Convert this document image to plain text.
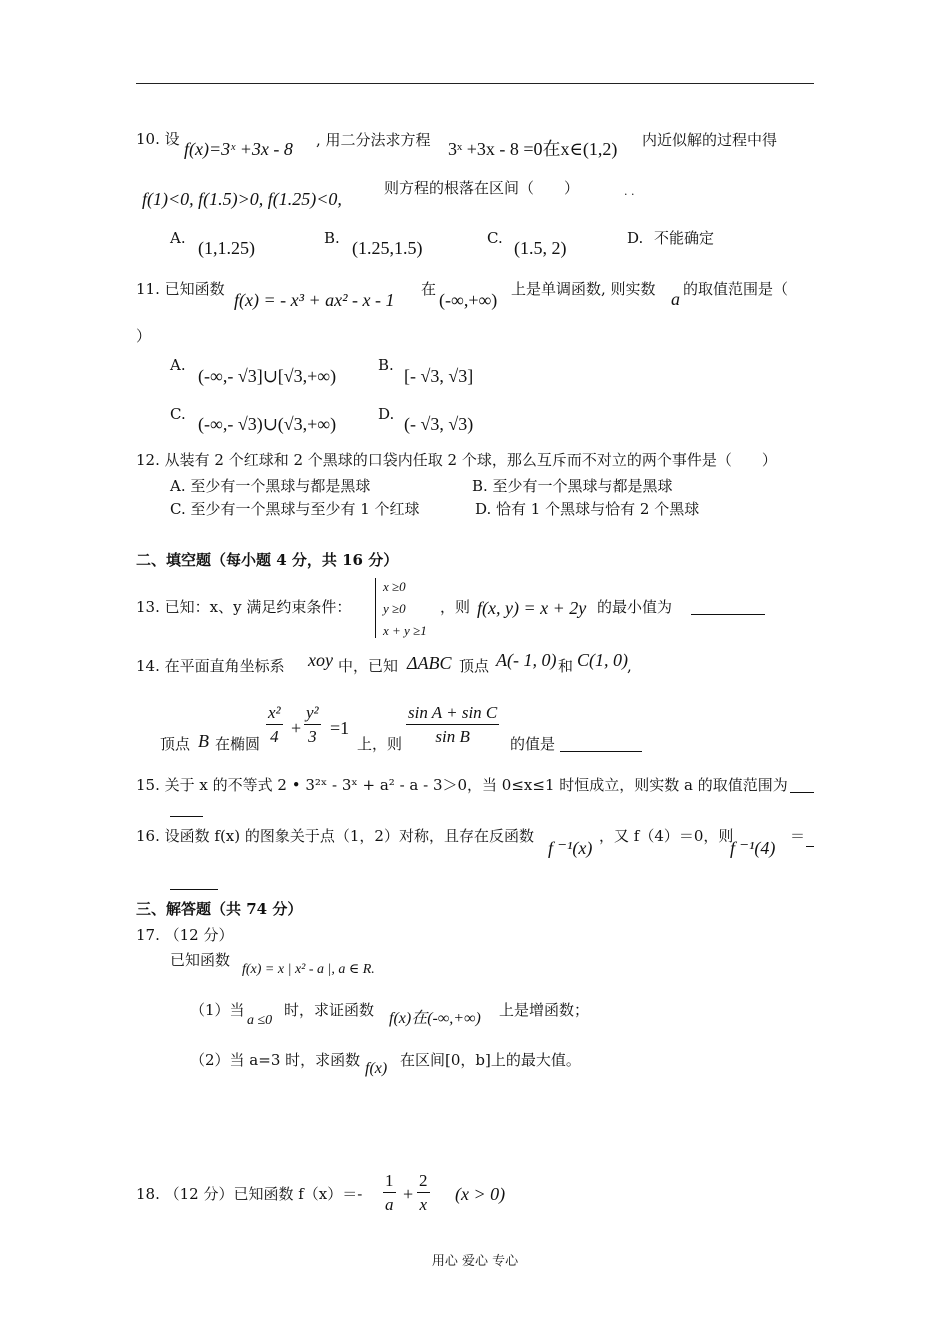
10. 设 f(x)=3ˣ +3x - 8 , 用二分法求方程 3ˣ +3x - 8 =0在x∈(1,2) 内近似解的过程中得
f(1)<0, f(1.5)>0, f(1.25)<0,
则方程的根落在区间（　　）	. .
A. (1,1.25)	B. (1.25,1.5)	C. (1.5, 2)	D. 不能确定
11. 已知函数
f(x) = - x³ + ax² - x - 1
在
(-∞,+∞)
上是单调函数, 则实数 a 的取值范围是（
）
A.
(-∞,- √3]∪[√3,+∞)
B.
[- √3, √3]
C. (-∞,- √3)∪(√3,+∞)	D. (- √3, √3)
12. 从装有 2 个红球和 2 个黑球的口袋内任取 2 个球，那么互斥而不对立的两个事件是（　　）
A. 至少有一个黑球与都是黑球	B. 至少有一个黑球与都是黑球
C. 至少有一个黑球与至少有 1 个红球	D. 恰有 1 个黑球与恰有 2 个黑球
二、填空题（每小题 4 分，共 16 分）
13. 已知：x、y 满足约束条件：
x ≥0
y ≥0
x + y ≥1
，则 f(x, y) = x + 2y 的最小值为
14. 在平面直角坐标系 xoy 中，已知 ΔABC 顶点 A(- 1, 0) 和 C(1, 0) ,
顶点 B 在椭圆 $\frac{\text{x²}}{4} + \frac{\text{y²}}{3} =1$
上，则 $\frac{\text{sin A + sin C}}{\text{sin B}}$ 的值是
15. 关于 x 的不等式 2 • 3²ˣ - 3ˣ + a² - a - 3＞0，当 0≤x≤1 时恒成立，则实数 a 的取值范围为
16. 设函数 f(x) 的图象关于点（1，2）对称，且存在反函数
f ⁻¹(x)
，又 f（4）＝0，则
f ⁻¹(4)
＝
三、解答题（共 74 分）
17. （12 分）
已知函数
f(x) = x | x² - a |, a ∈ R.
（1）当
a ≤0
时，求证函数 f(x)在(-∞,+∞) 上是增函数；
（2）当 a=3 时，求函数 f(x) 在区间[0，b]上的最大值。
18. （12 分）已知函数 $f(x)=- \frac{1}{a} + \frac{2}{x} (x > 0)$
用心 爱心 专心
